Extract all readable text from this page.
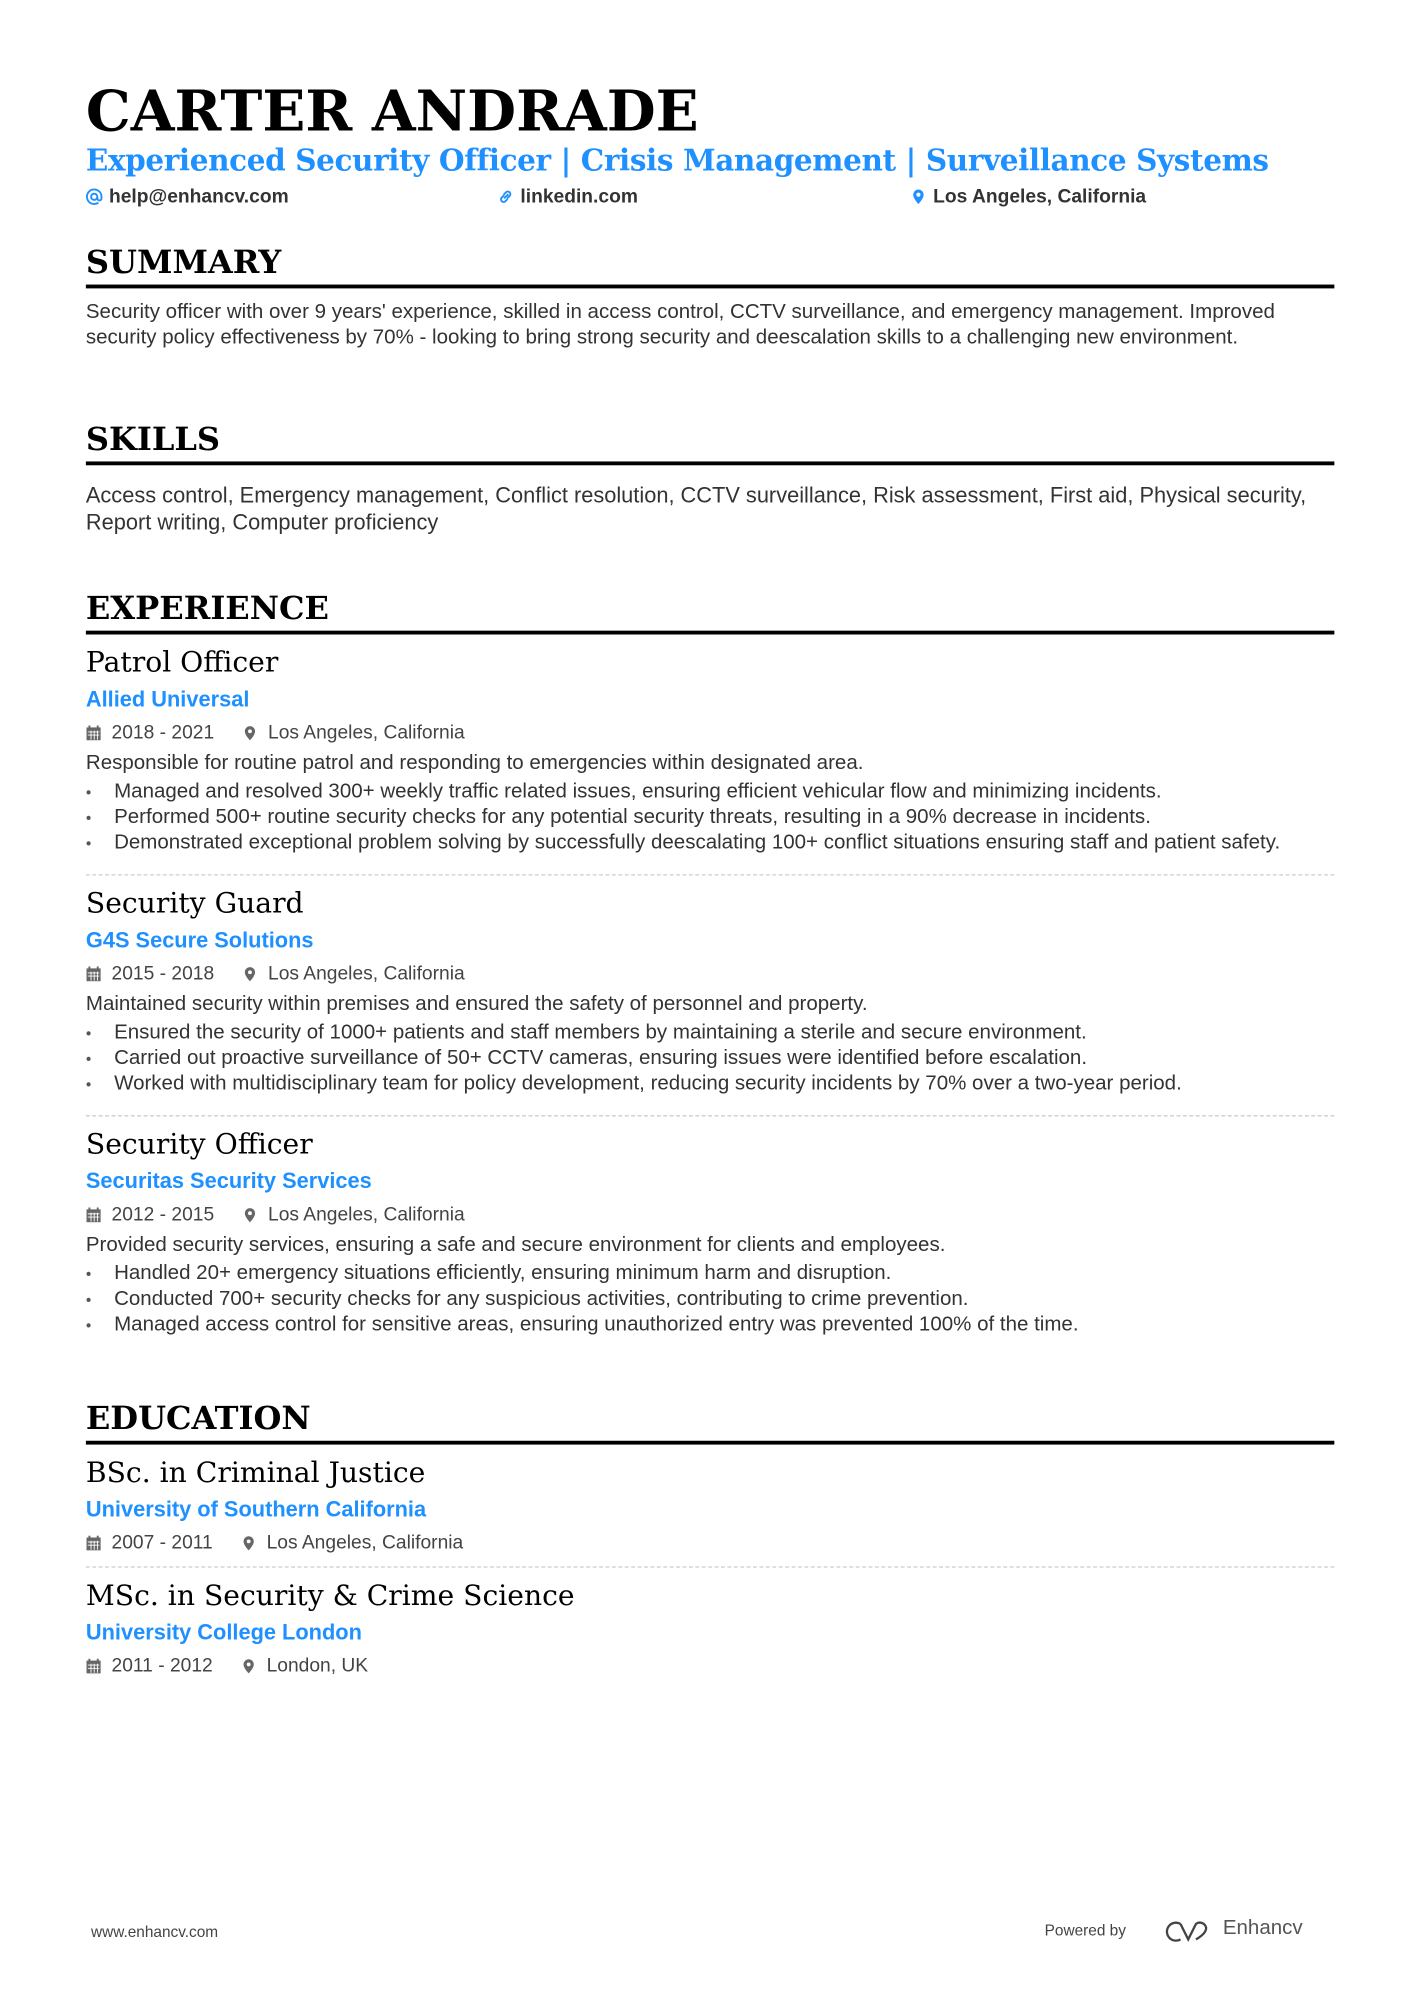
CARTER ANDRADE
Experienced Security Officer | Crisis Management | Surveillance Systems
help@enhancv.com	linkedin.com	Los Angeles, California
SUMMARY
Security officer with over 9 years' experience, skilled in access control, CCTV surveillance, and emergency management. Improved security policy effectiveness by 70% - looking to bring strong security and deescalation skills to a challenging new environment.
SKILLS
Access control, Emergency management, Conflict resolution, CCTV surveillance, Risk assessment, First aid, Physical security, Report writing, Computer proficiency
EXPERIENCE
Patrol Officer
Allied Universal
2018 - 2021	Los Angeles, California
Responsible for routine patrol and responding to emergencies within designated area.
• Managed and resolved 300+ weekly traffic related issues, ensuring efficient vehicular flow and minimizing incidents.
• Performed 500+ routine security checks for any potential security threats, resulting in a 90% decrease in incidents.
• Demonstrated exceptional problem solving by successfully deescalating 100+ conflict situations ensuring staff and patient safety.
Security Guard
G4S Secure Solutions
2015 - 2018	Los Angeles, California
Maintained security within premises and ensured the safety of personnel and property.
• Ensured the security of 1000+ patients and staff members by maintaining a sterile and secure environment.
• Carried out proactive surveillance of 50+ CCTV cameras, ensuring issues were identified before escalation.
• Worked with multidisciplinary team for policy development, reducing security incidents by 70% over a two-year period.
Security Officer
Securitas Security Services
2012 - 2015	Los Angeles, California
Provided security services, ensuring a safe and secure environment for clients and employees.
• Handled 20+ emergency situations efficiently, ensuring minimum harm and disruption.
• Conducted 700+ security checks for any suspicious activities, contributing to crime prevention.
• Managed access control for sensitive areas, ensuring unauthorized entry was prevented 100% of the time.
EDUCATION
BSc. in Criminal Justice
University of Southern California
2007 - 2011	Los Angeles, California
MSc. in Security & Crime Science
University College London
2011 - 2012	London, UK
www.enhancv.com	Powered by	Enhancv
